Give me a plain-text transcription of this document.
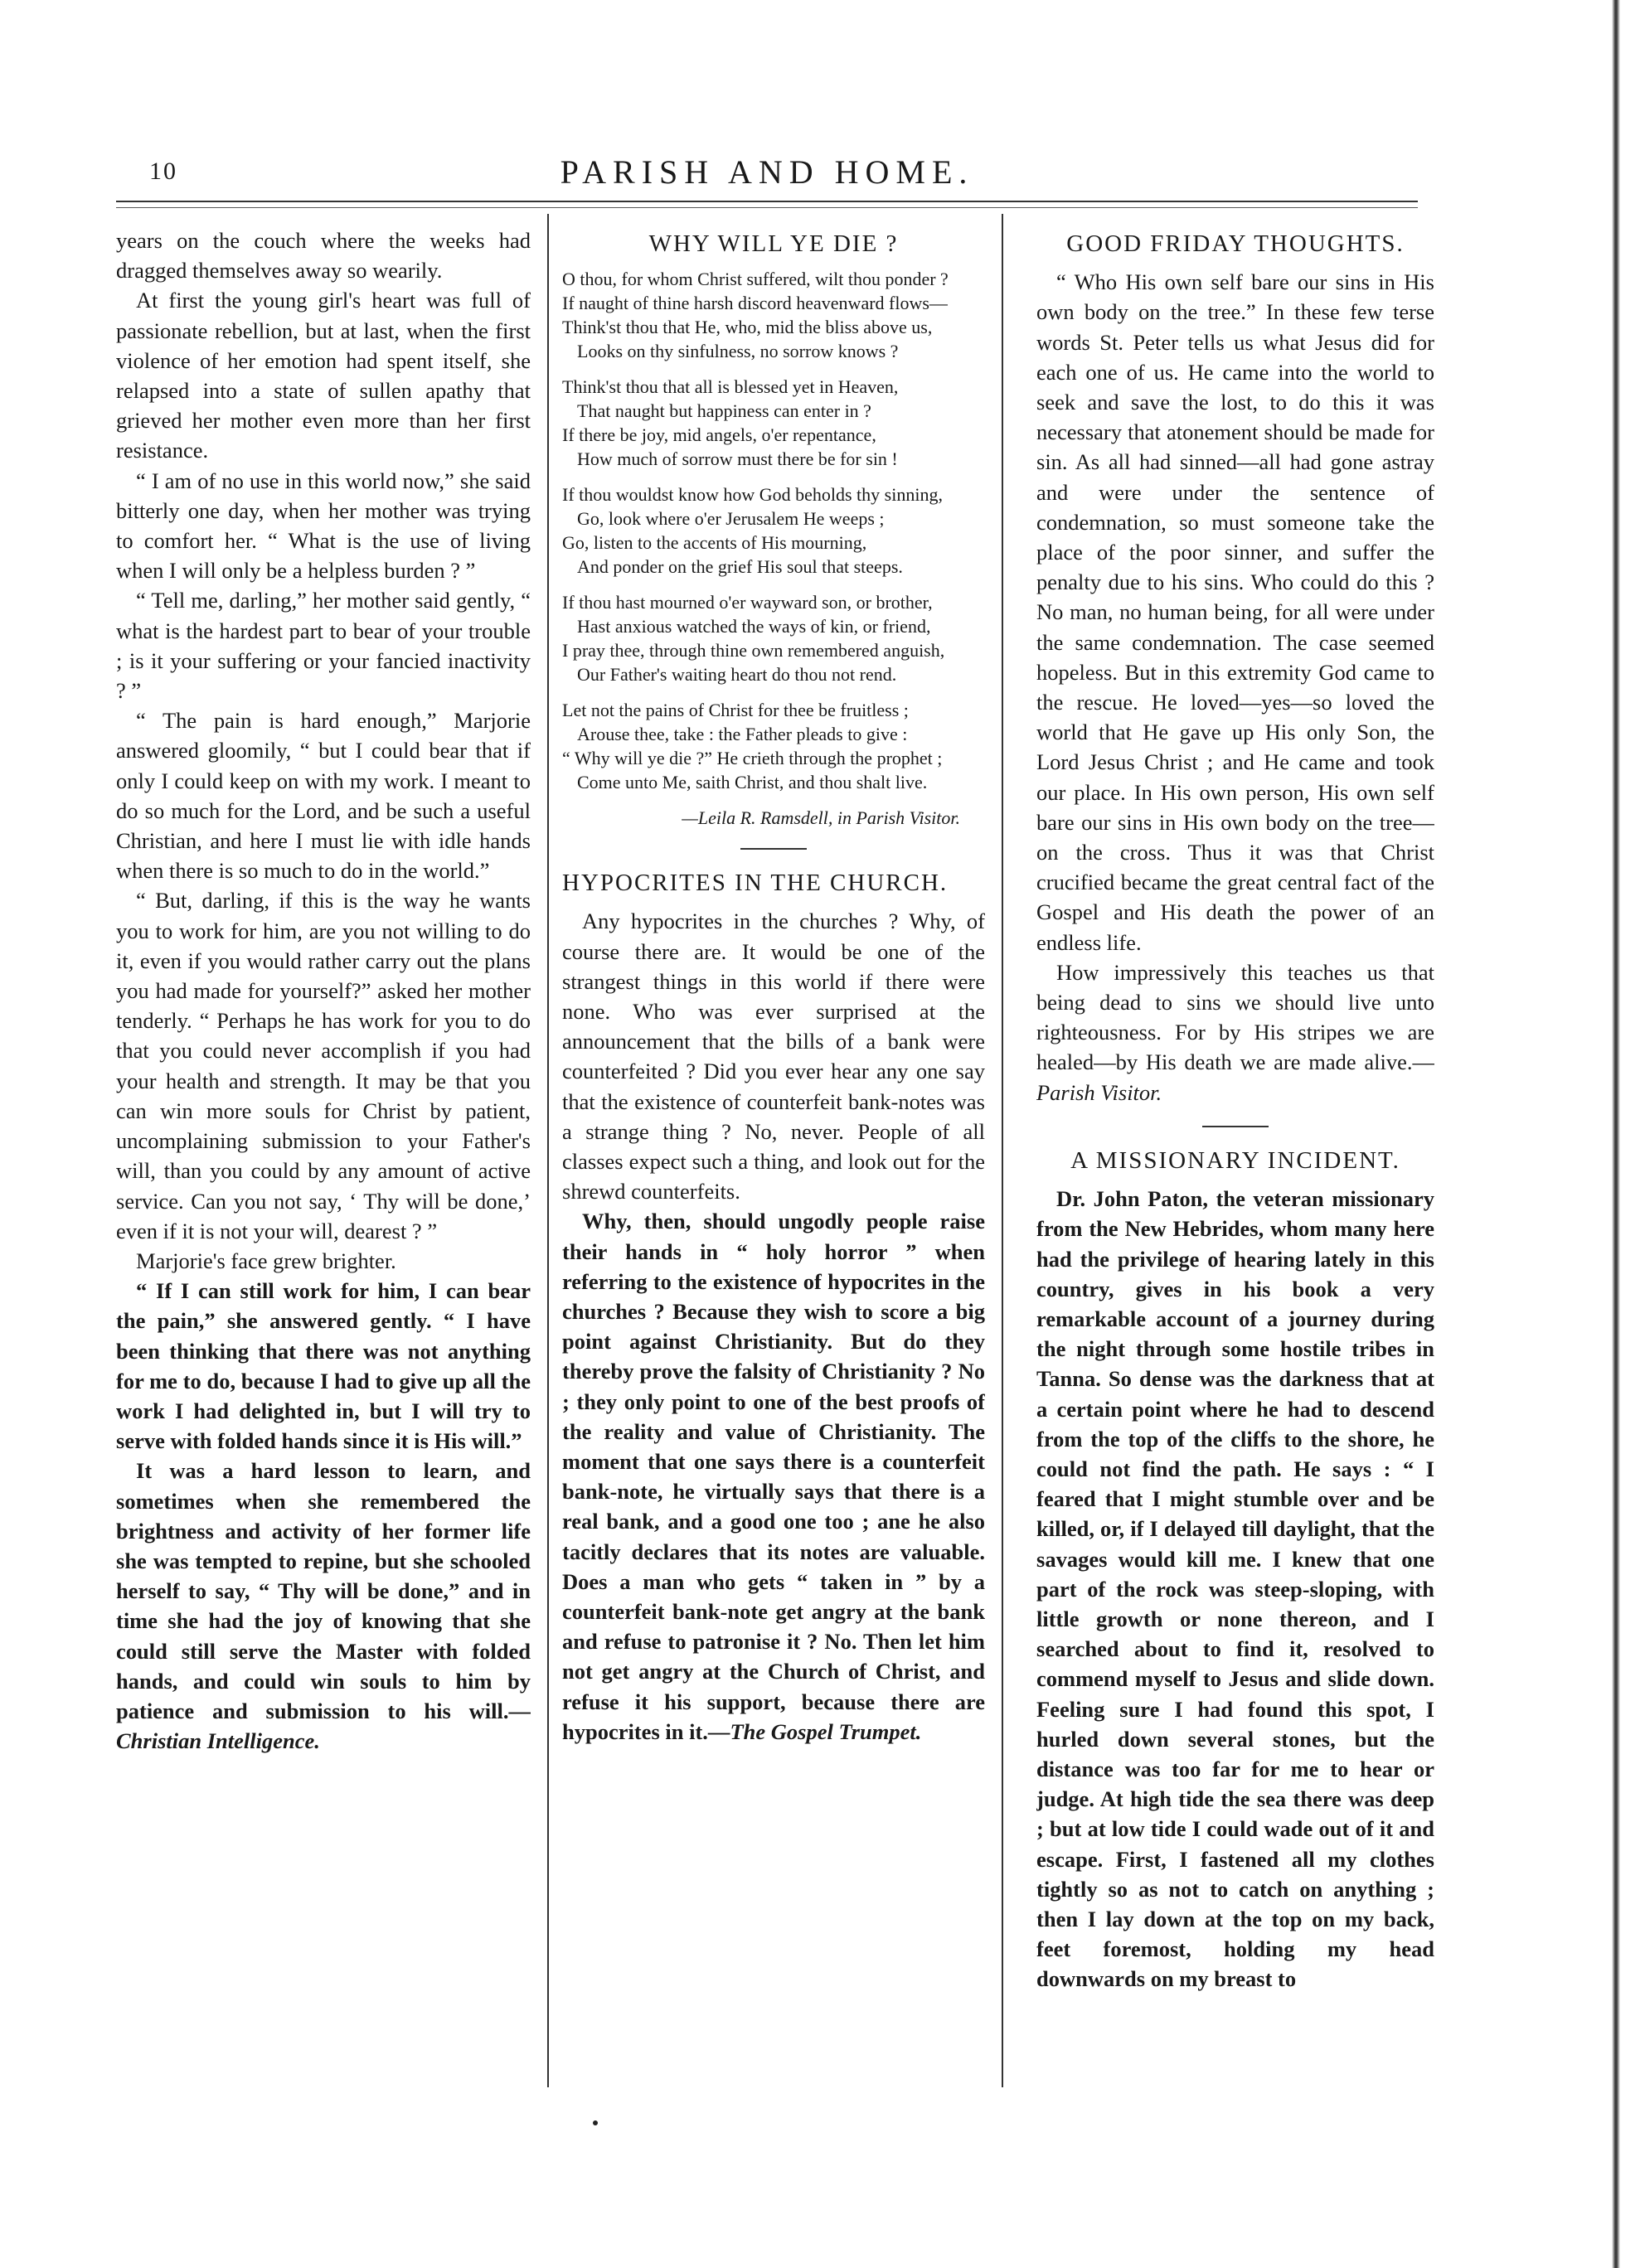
10	PARISH AND HOME.

years on the couch where the weeks had dragged themselves away so wearily.

At first the young girl's heart was full of passionate rebellion, but at last, when the first violence of her emotion had spent itself, she relapsed into a state of sullen apathy that grieved her mother even more than her first resistance.

“ I am of no use in this world now,” she said bitterly one day, when her mother was trying to comfort her. “ What is the use of living when I will only be a helpless burden ? ”

“ Tell me, darling,” her mother said gently, “ what is the hardest part to bear of your trouble ; is it your suffering or your fancied inactivity ? ”

“ The pain is hard enough,” Marjorie answered gloomily, “ but I could bear that if only I could keep on with my work. I meant to do so much for the Lord, and be such a useful Christian, and here I must lie with idle hands when there is so much to do in the world.”

“ But, darling, if this is the way he wants you to work for him, are you not willing to do it, even if you would rather carry out the plans you had made for yourself?” asked her mother tenderly. “ Perhaps he has work for you to do that you could never accomplish if you had your health and strength. It may be that you can win more souls for Christ by patient, uncomplaining submission to your Father's will, than you could by any amount of active service. Can you not say, ‘ Thy will be done,’ even if it is not your will, dearest ? ”

Marjorie's face grew brighter.

“ If I can still work for him, I can bear the pain,” she answered gently. “ I have been thinking that there was not anything for me to do, because I had to give up all the work I had delighted in, but I will try to serve with folded hands since it is His will.”

It was a hard lesson to learn, and sometimes when she remembered the brightness and activity of her former life she was tempted to repine, but she schooled herself to say, “ Thy will be done,” and in time she had the joy of knowing that she could still serve the Master with folded hands, and could win souls to him by patience and submission to his will.—Christian Intelligence.

WHY WILL YE DIE ?
O thou, for whom Christ suffered, wilt thou ponder ?
If naught of thine harsh discord heavenward flows—
Think'st thou that He, who, mid the bliss above us,
Looks on thy sinfulness, no sorrow knows ?
Think'st thou that all is blessed yet in Heaven,
That naught but happiness can enter in ?
If there be joy, mid angels, o'er repentance,
How much of sorrow must there be for sin !
If thou wouldst know how God beholds thy sinning,
Go, look where o'er Jerusalem He weeps ;
Go, listen to the accents of His mourning,
And ponder on the grief His soul that steeps.
If thou hast mourned o'er wayward son, or brother,
Hast anxious watched the ways of kin, or friend,
I pray thee, through thine own remembered anguish,
Our Father's waiting heart do thou not rend.
Let not the pains of Christ for thee be fruitless ;
Arouse thee, take : the Father pleads to give :
“ Why will ye die ?” He crieth through the prophet ;
Come unto Me, saith Christ, and thou shalt live.
—Leila R. Ramsdell, in Parish Visitor.
HYPOCRITES IN THE CHURCH.

Any hypocrites in the churches ? Why, of course there are. It would be one of the strangest things in this world if there were none. Who was ever surprised at the announcement that the bills of a bank were counterfeited ? Did you ever hear any one say that the existence of counterfeit bank-notes was a strange thing ? No, never. People of all classes expect such a thing, and look out for the shrewd counterfeits.

Why, then, should ungodly people raise their hands in “ holy horror ” when referring to the existence of hypocrites in the churches ? Because they wish to score a big point against Christianity. But do they thereby prove the falsity of Christianity ? No ; they only point to one of the best proofs of the reality and value of Christianity. The moment that one says there is a counterfeit bank-note, he virtually says that there is a real bank, and a good one too ; ane he also tacitly declares that its notes are valuable. Does a man who gets “ taken in ” by a counterfeit bank-note get angry at the bank and refuse to patronise it ? No. Then let him not get angry at the Church of Christ, and refuse it his support, because there are hypocrites in it.—The Gospel Trumpet.

GOOD FRIDAY THOUGHTS.

“ Who His own self bare our sins in His own body on the tree.” In these few terse words St. Peter tells us what Jesus did for each one of us. He came into the world to seek and save the lost, to do this it was necessary that atonement should be made for sin. As all had sinned—all had gone astray and were under the sentence of condemnation, so must someone take the place of the poor sinner, and suffer the penalty due to his sins. Who could do this ? No man, no human being, for all were under the same condemnation. The case seemed hopeless. But in this extremity God came to the rescue. He loved—yes—so loved the world that He gave up His only Son, the Lord Jesus Christ ; and He came and took our place. In His own person, His own self bare our sins in His own body on the tree—on the cross. Thus it was that Christ crucified became the great central fact of the Gospel and His death the power of an endless life.

How impressively this teaches us that being dead to sins we should live unto righteousness. For by His stripes we are healed—by His death we are made alive.—Parish Visitor.

A MISSIONARY INCIDENT.

Dr. John Paton, the veteran missionary from the New Hebrides, whom many here had the privilege of hearing lately in this country, gives in his book a very remarkable account of a journey during the night through some hostile tribes in Tanna. So dense was the darkness that at a certain point where he had to descend from the top of the cliffs to the shore, he could not find the path. He says : “ I feared that I might stumble over and be killed, or, if I delayed till daylight, that the savages would kill me. I knew that one part of the rock was steep-sloping, with little growth or none thereon, and I searched about to find it, resolved to commend myself to Jesus and slide down. Feeling sure I had found this spot, I hurled down several stones, but the distance was too far for me to hear or judge. At high tide the sea there was deep ; but at low tide I could wade out of it and escape. First, I fastened all my clothes tightly so as not to catch on anything ; then I lay down at the top on my back, feet foremost, holding my head downwards on my breast to
